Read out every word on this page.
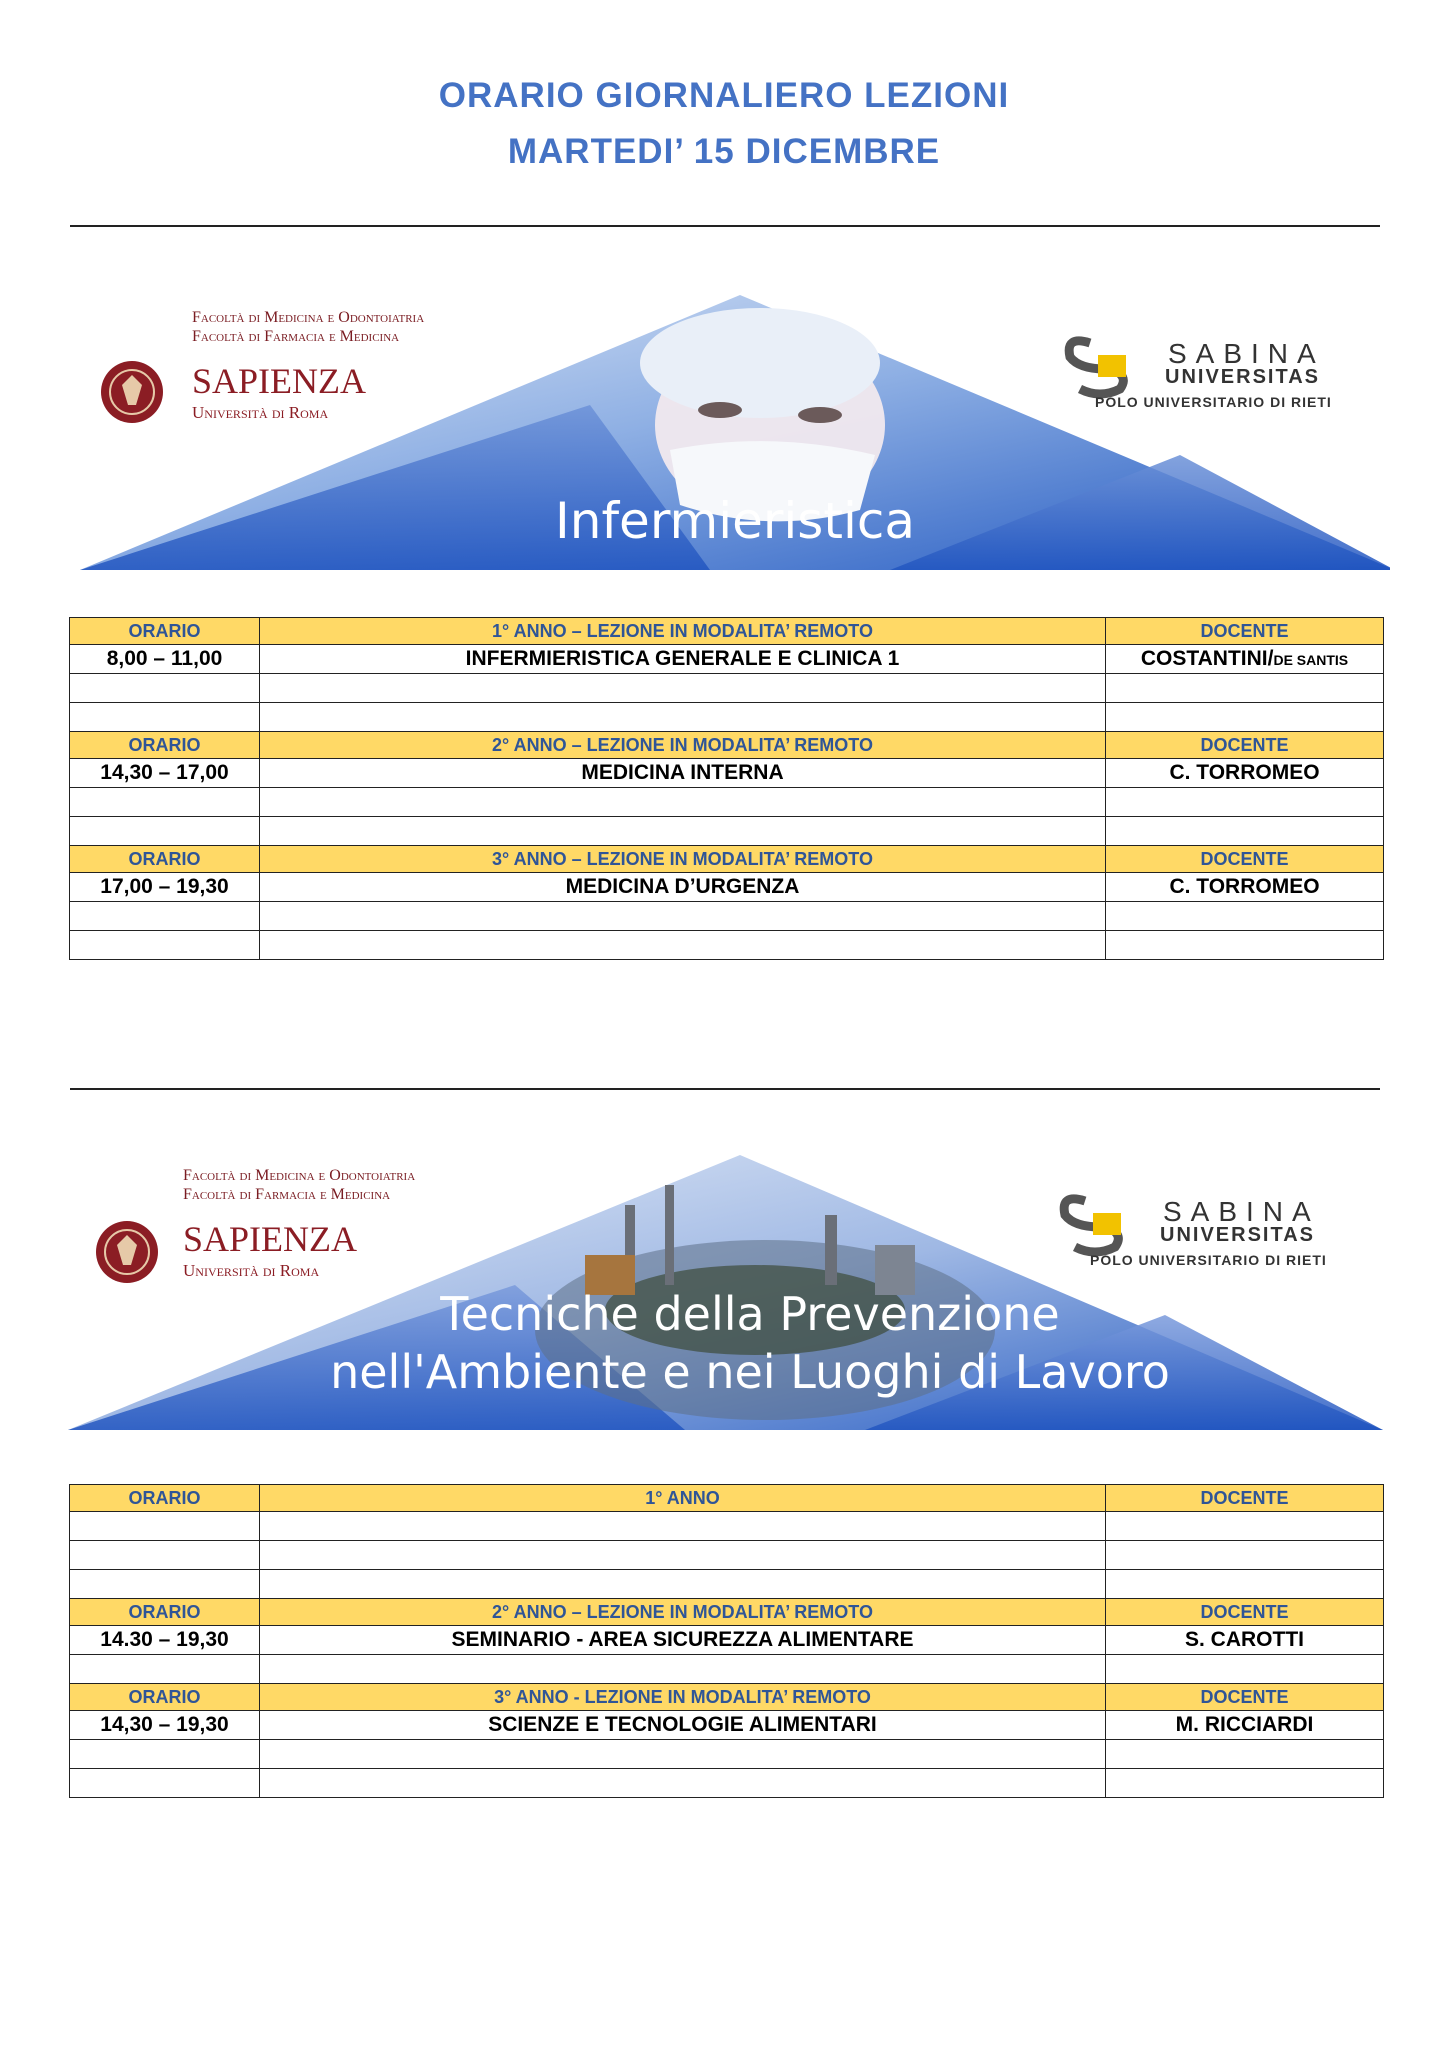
ORARIO GIORNALIERO LEZIONI
MARTEDI’ 15 DICEMBRE
Facoltà di Medicina e Odontoiatria
Facoltà di Farmacia e Medicina
SAPIENZA
Università di Roma
SABINA
UNIVERSITAS
POLO UNIVERSITARIO DI RIETI
Infermieristica
ORARIO	1° ANNO – LEZIONE IN MODALITA’ REMOTO	DOCENTE
8,00 – 11,00	INFERMIERISTICA GENERALE E CLINICA 1	COSTANTINI/DE SANTIS

ORARIO	2° ANNO – LEZIONE IN MODALITA’ REMOTO	DOCENTE
14,30 – 17,00	MEDICINA INTERNA	C. TORROMEO

ORARIO	3° ANNO – LEZIONE IN MODALITA’ REMOTO	DOCENTE
17,00 – 19,30	MEDICINA D’URGENZA	C. TORROMEO

Facoltà di Medicina e Odontoiatria
Facoltà di Farmacia e Medicina
SAPIENZA
Università di Roma
SABINA
UNIVERSITAS
POLO UNIVERSITARIO DI RIETI
Tecniche della Prevenzione
nell'Ambiente e nei Luoghi di Lavoro
ORARIO	1° ANNO	DOCENTE

ORARIO	2° ANNO – LEZIONE IN MODALITA’ REMOTO	DOCENTE
14.30 – 19,30	SEMINARIO - AREA SICUREZZA ALIMENTARE	S. CAROTTI

ORARIO	3° ANNO - LEZIONE IN MODALITA’ REMOTO	DOCENTE
14,30 – 19,30	SCIENZE E TECNOLOGIE ALIMENTARI	M. RICCIARDI
